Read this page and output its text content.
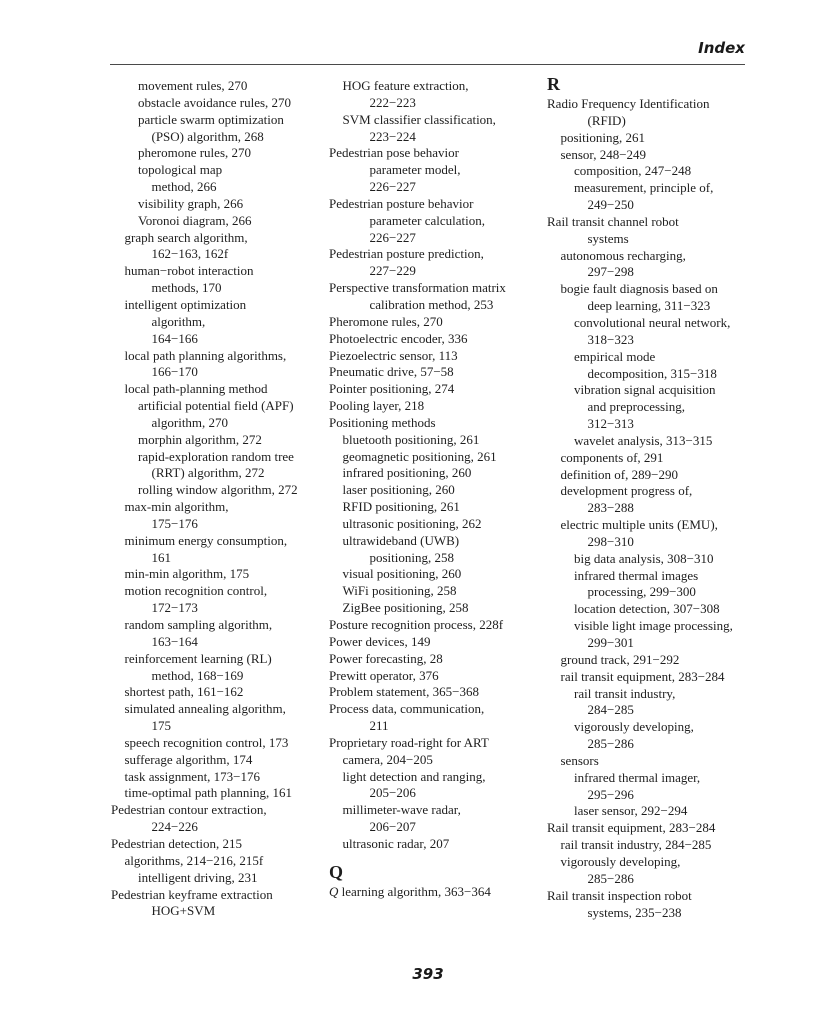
Index
movement rules, 270
obstacle avoidance rules, 270
particle swarm optimization
(PSO) algorithm, 268
pheromone rules, 270
topological map
method, 266
visibility graph, 266
Voronoi diagram, 266
graph search algorithm,
162−163, 162f
human−robot interaction
methods, 170
intelligent optimization
algorithm,
164−166
local path planning algorithms,
166−170
local path-planning method
artificial potential field (APF)
algorithm, 270
morphin algorithm, 272
rapid-exploration random tree
(RRT) algorithm, 272
rolling window algorithm, 272
max-min algorithm,
175−176
minimum energy consumption,
161
min-min algorithm, 175
motion recognition control,
172−173
random sampling algorithm,
163−164
reinforcement learning (RL)
method, 168−169
shortest path, 161−162
simulated annealing algorithm,
175
speech recognition control, 173
sufferage algorithm, 174
task assignment, 173−176
time-optimal path planning, 161
Pedestrian contour extraction,
224−226
Pedestrian detection, 215
algorithms, 214−216, 215f
intelligent driving, 231
Pedestrian keyframe extraction
HOG+SVM
HOG feature extraction,
222−223
SVM classifier classification,
223−224
Pedestrian pose behavior
parameter model,
226−227
Pedestrian posture behavior
parameter calculation,
226−227
Pedestrian posture prediction,
227−229
Perspective transformation matrix
calibration method, 253
Pheromone rules, 270
Photoelectric encoder, 336
Piezoelectric sensor, 113
Pneumatic drive, 57−58
Pointer positioning, 274
Pooling layer, 218
Positioning methods
bluetooth positioning, 261
geomagnetic positioning, 261
infrared positioning, 260
laser positioning, 260
RFID positioning, 261
ultrasonic positioning, 262
ultrawideband (UWB)
positioning, 258
visual positioning, 260
WiFi positioning, 258
ZigBee positioning, 258
Posture recognition process, 228f
Power devices, 149
Power forecasting, 28
Prewitt operator, 376
Problem statement, 365−368
Process data, communication,
211
Proprietary road-right for ART
camera, 204−205
light detection and ranging,
205−206
millimeter-wave radar,
206−207
ultrasonic radar, 207
Q
Q learning algorithm, 363−364
R
Radio Frequency Identification
(RFID)
positioning, 261
sensor, 248−249
composition, 247−248
measurement, principle of,
249−250
Rail transit channel robot
systems
autonomous recharging,
297−298
bogie fault diagnosis based on
deep learning, 311−323
convolutional neural network,
318−323
empirical mode
decomposition, 315−318
vibration signal acquisition
and preprocessing,
312−313
wavelet analysis, 313−315
components of, 291
definition of, 289−290
development progress of,
283−288
electric multiple units (EMU),
298−310
big data analysis, 308−310
infrared thermal images
processing, 299−300
location detection, 307−308
visible light image processing,
299−301
ground track, 291−292
rail transit equipment, 283−284
rail transit industry,
284−285
vigorously developing,
285−286
sensors
infrared thermal imager,
295−296
laser sensor, 292−294
Rail transit equipment, 283−284
rail transit industry, 284−285
vigorously developing,
285−286
Rail transit inspection robot
systems, 235−238
393
